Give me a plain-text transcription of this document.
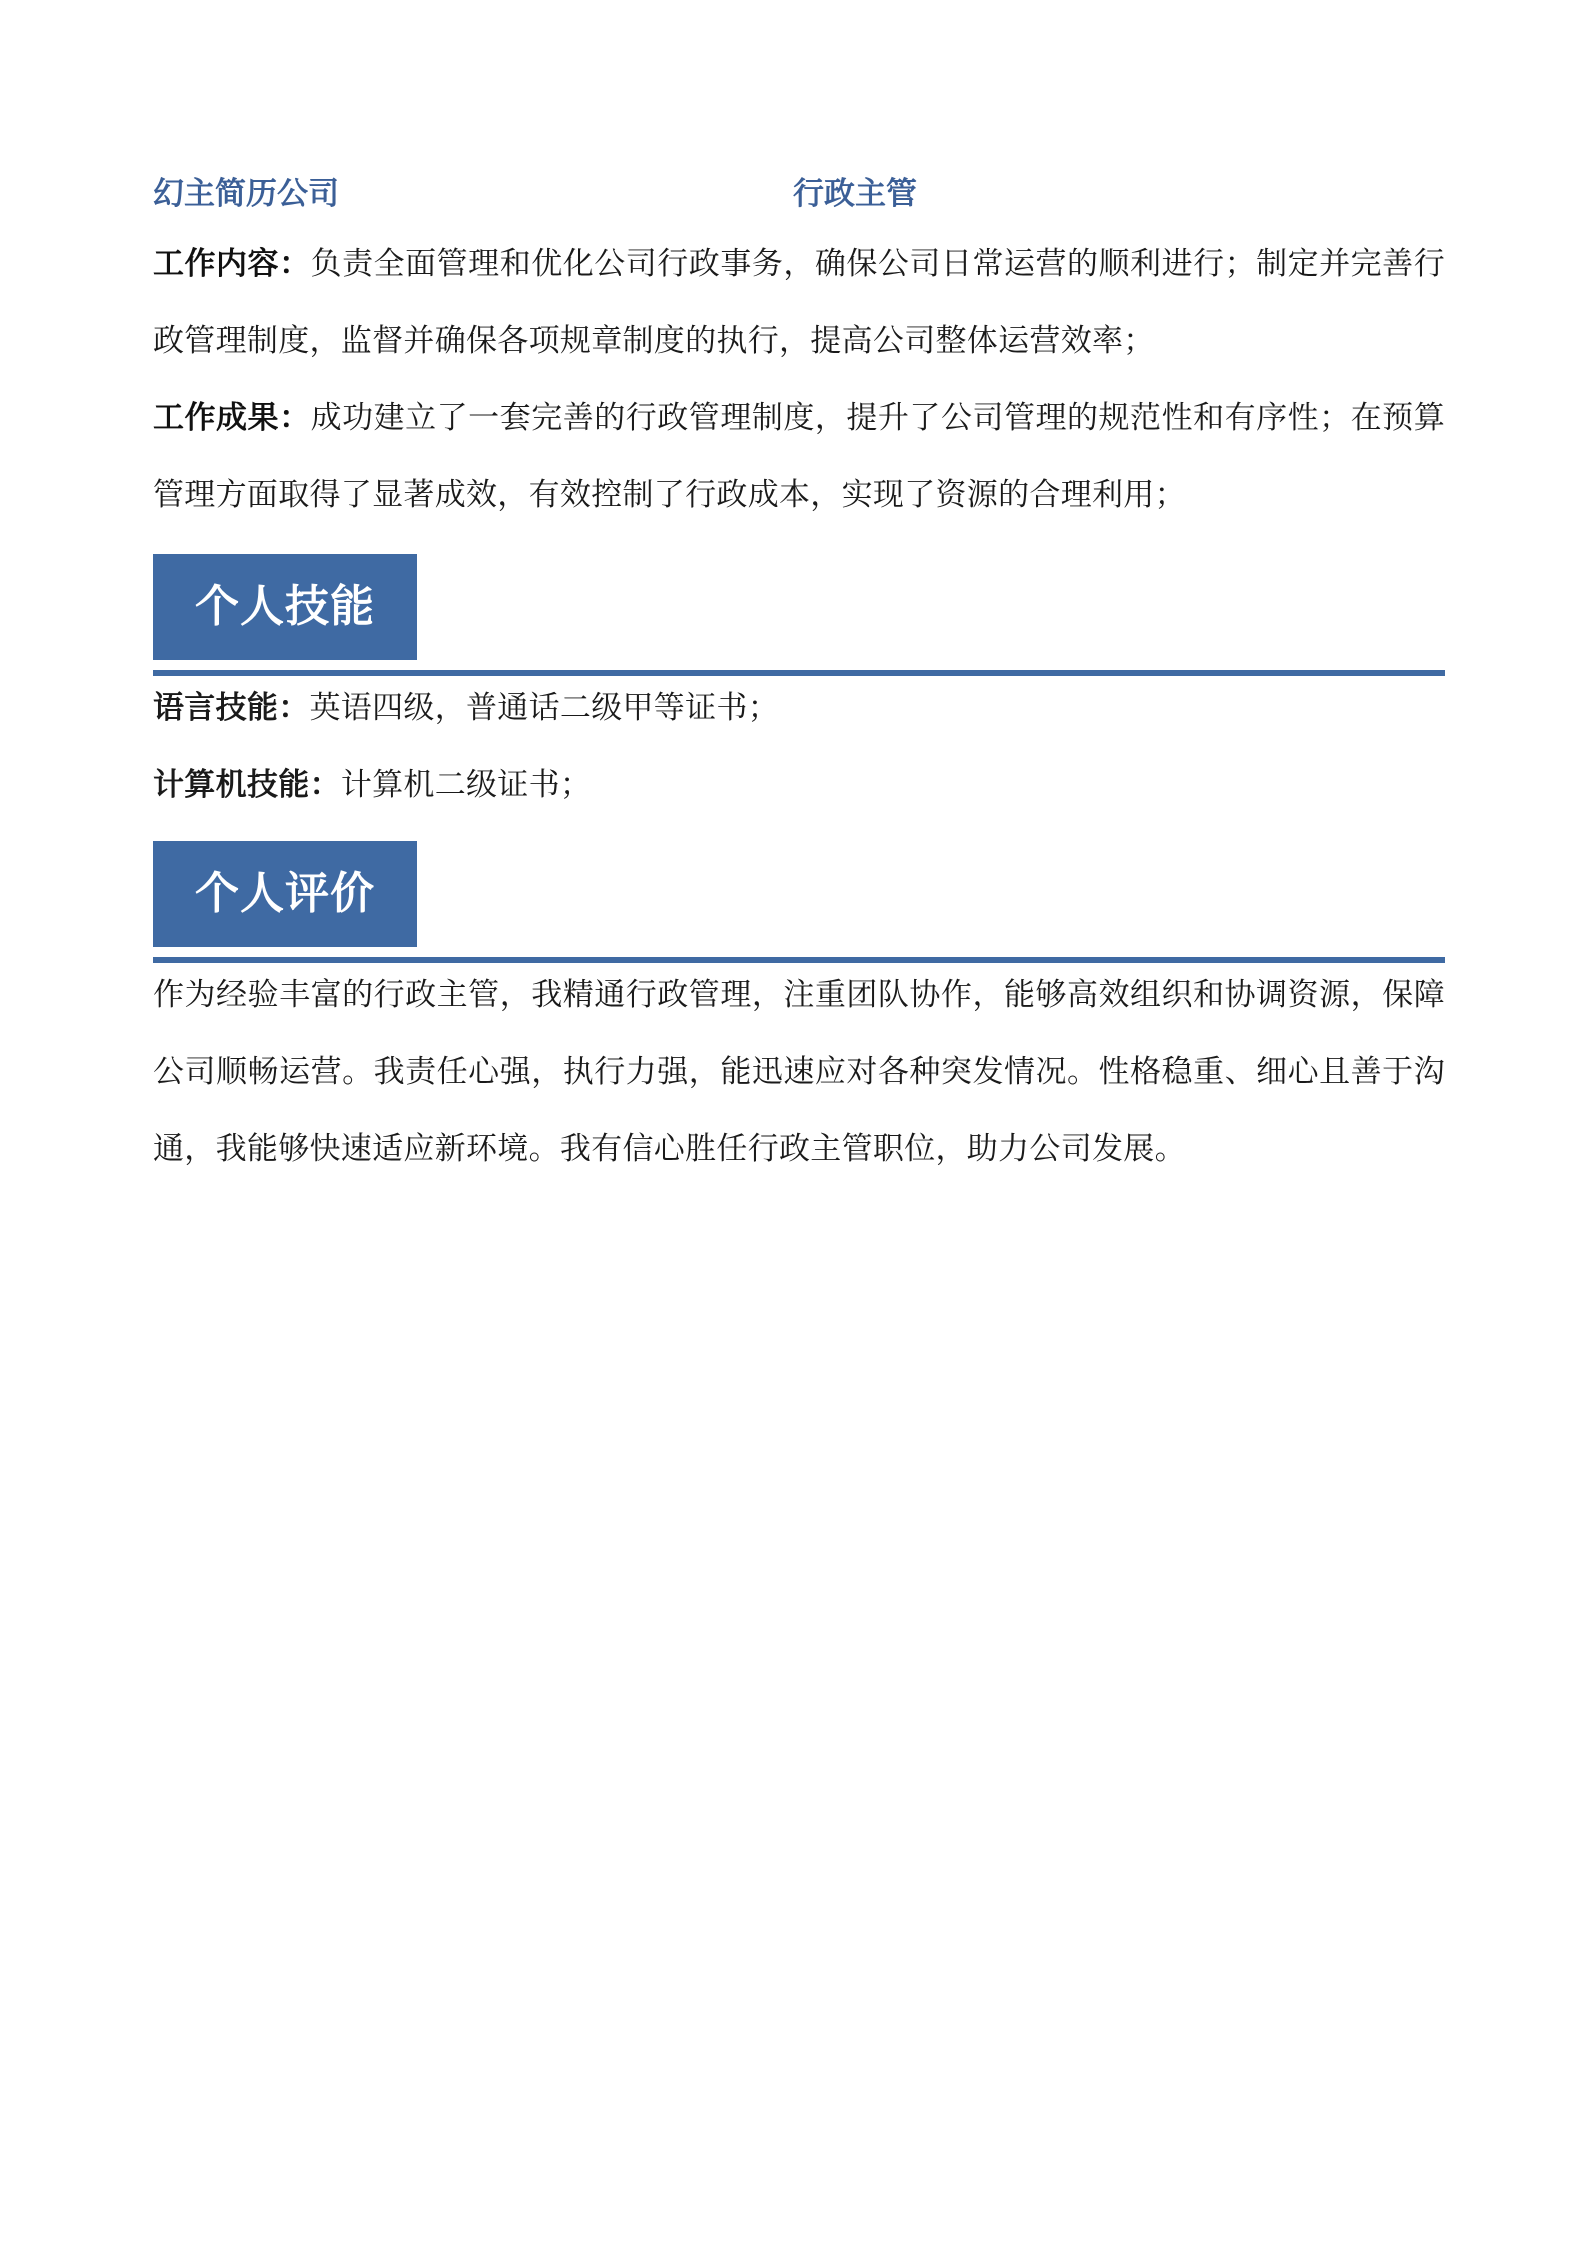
幻主简历公司	行政主管
工作内容：负责全面管理和优化公司行政事务，确保公司日常运营的顺利进行；制定并完善行政管理制度，监督并确保各项规章制度的执行，提高公司整体运营效率；
工作成果：成功建立了一套完善的行政管理制度，提升了公司管理的规范性和有序性；在预算管理方面取得了显著成效，有效控制了行政成本，实现了资源的合理利用；
个人技能
语言技能：英语四级，普通话二级甲等证书；
计算机技能：计算机二级证书；
个人评价
作为经验丰富的行政主管，我精通行政管理，注重团队协作，能够高效组织和协调资源，保障公司顺畅运营。我责任心强，执行力强，能迅速应对各种突发情况。性格稳重、细心且善于沟通，我能够快速适应新环境。我有信心胜任行政主管职位，助力公司发展。
